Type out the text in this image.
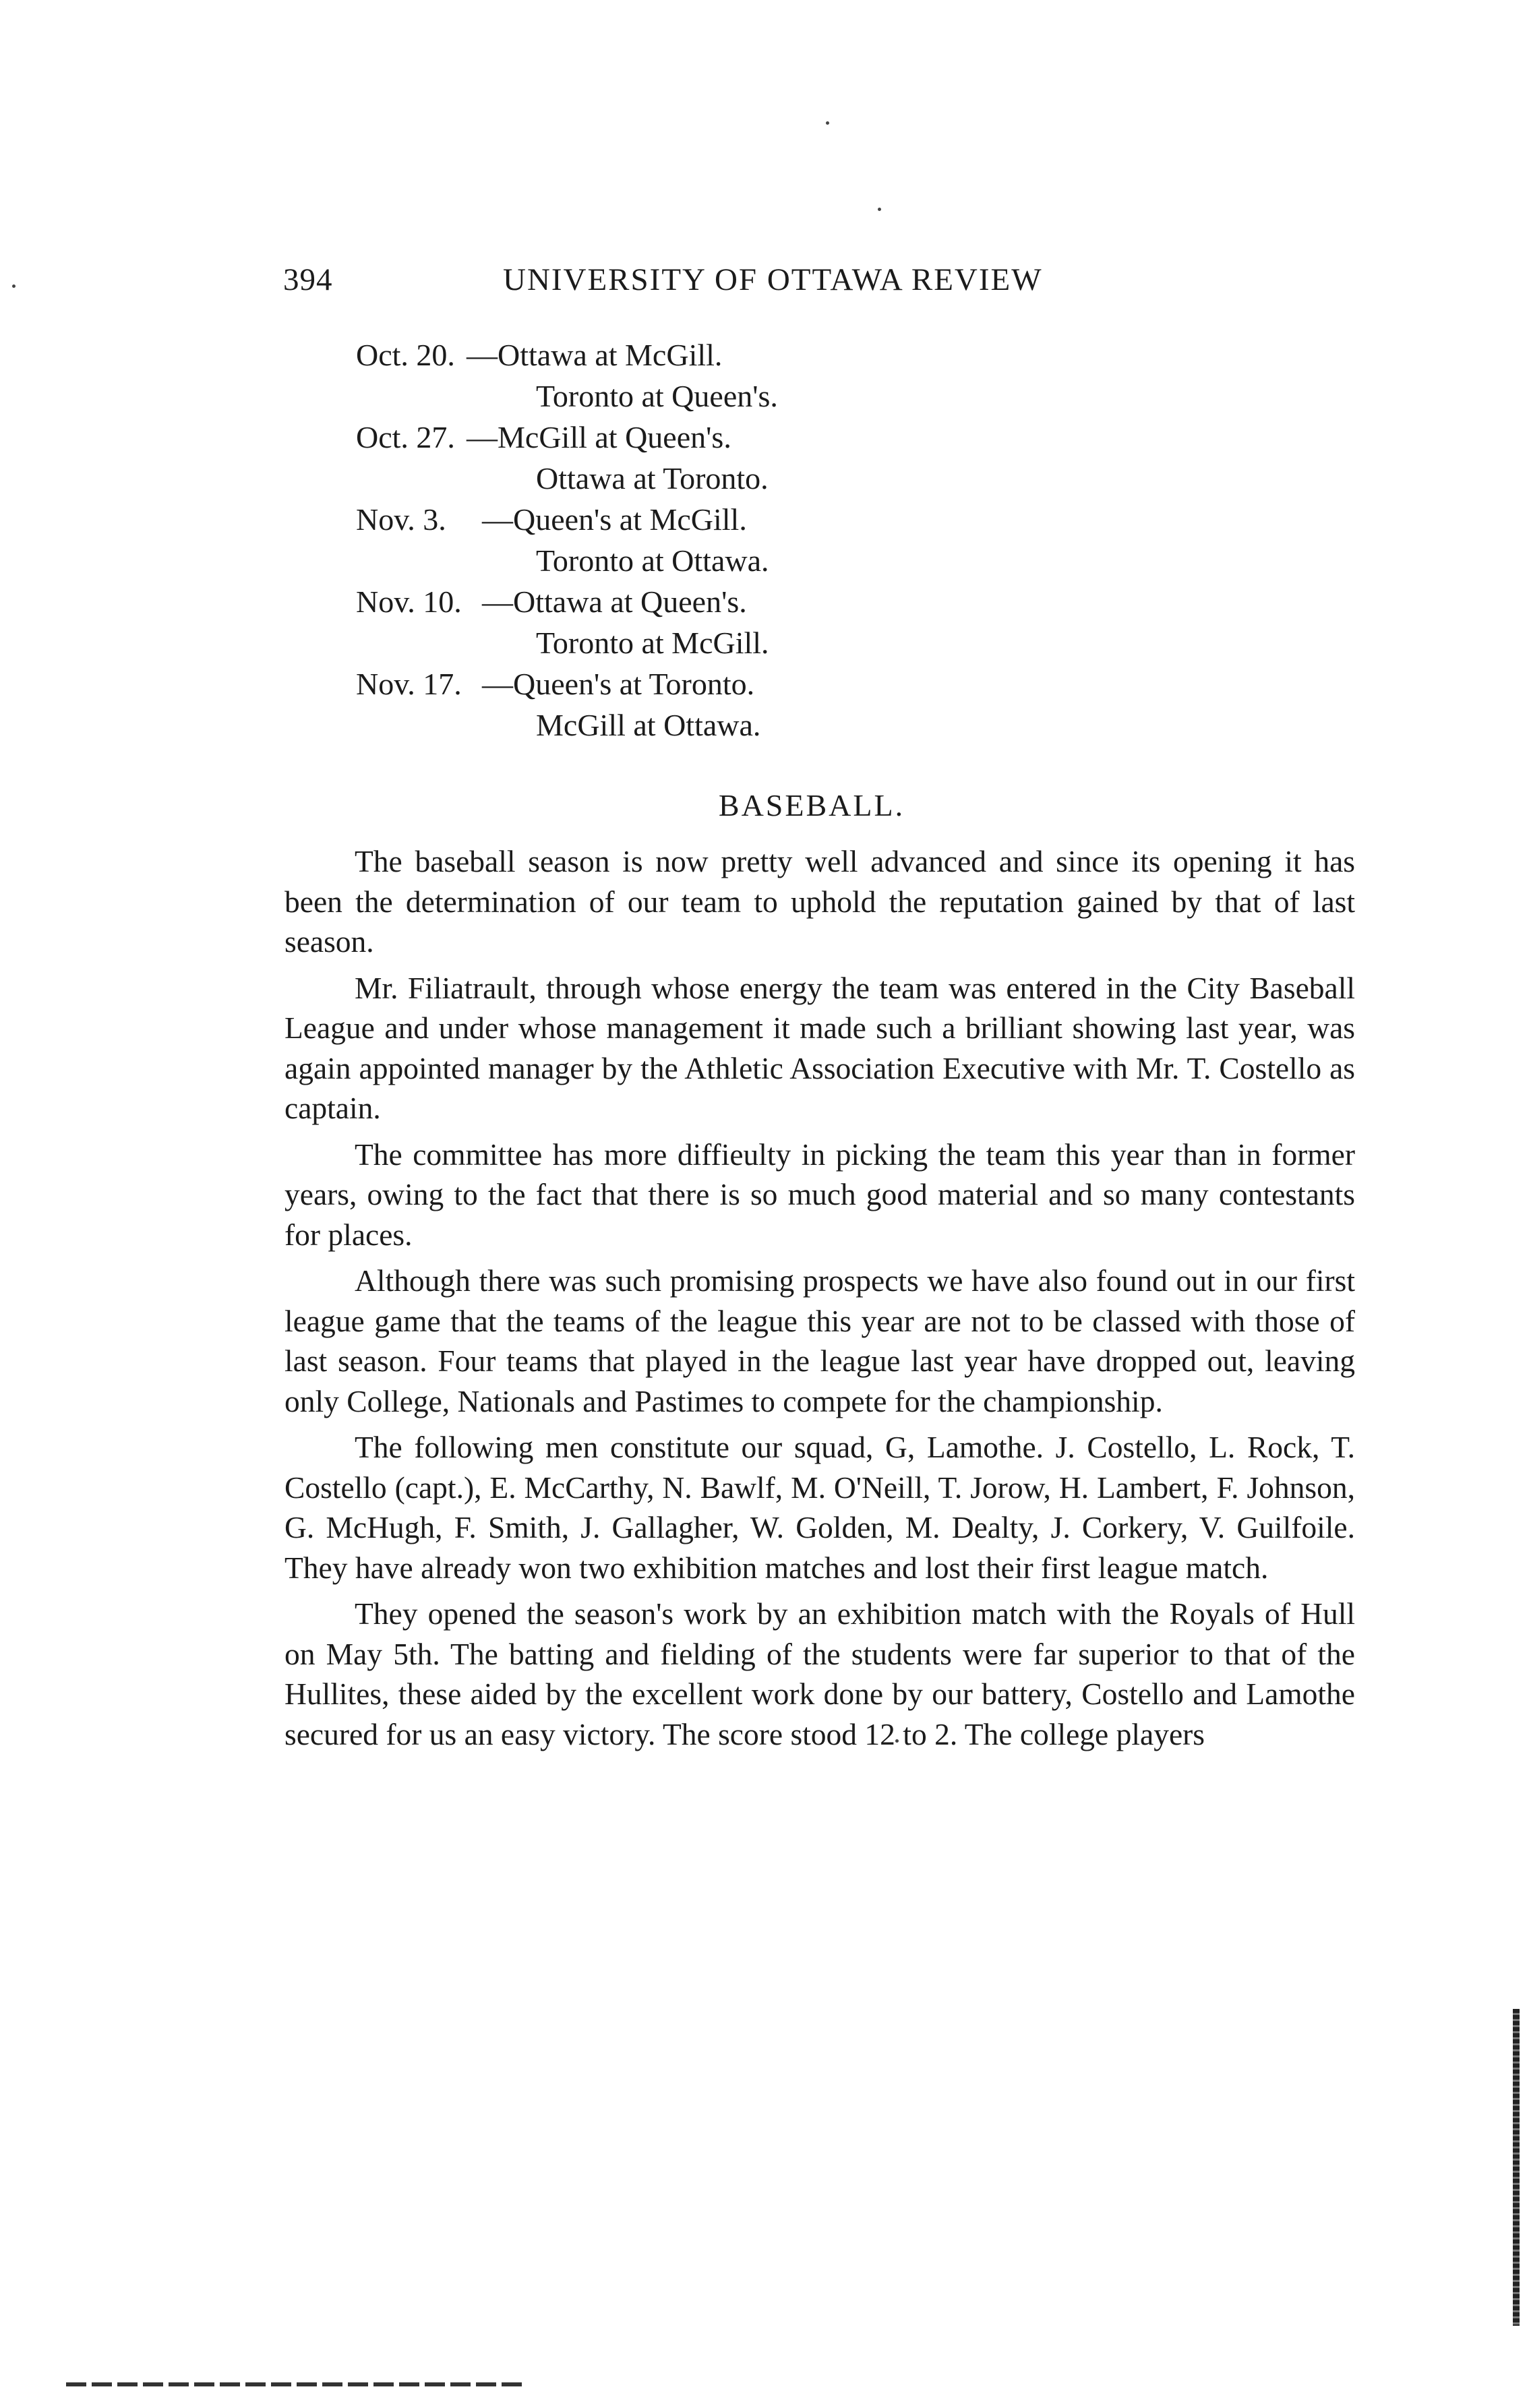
394	UNIVERSITY OF OTTAWA REVIEW
Oct. 20. —Ottawa at McGill.
Toronto at Queen's.
Oct. 27. —McGill at Queen's.
Ottawa at Toronto.
Nov. 3. —Queen's at McGill.
Toronto at Ottawa.
Nov. 10. —Ottawa at Queen's.
Toronto at McGill.
Nov. 17. —Queen's at Toronto.
McGill at Ottawa.
BASEBALL.

The baseball season is now pretty well advanced and since its opening it has been the determination of our team to uphold the reputation gained by that of last season.

Mr. Filiatrault, through whose energy the team was entered in the City Baseball League and under whose management it made such a brilliant showing last year, was again appointed manager by the Athletic Association Executive with Mr. T. Costello as captain.

The committee has more diffieulty in picking the team this year than in former years, owing to the fact that there is so much good material and so many contestants for places.

Although there was such promising prospects we have also found out in our first league game that the teams of the league this year are not to be classed with those of last season. Four teams that played in the league last year have dropped out, leaving only College, Nationals and Pastimes to compete for the championship.

The following men constitute our squad, G, Lamothe. J. Costello, L. Rock, T. Costello (capt.), E. McCarthy, N. Bawlf, M. O'Neill, T. Jorow, H. Lambert, F. Johnson, G. McHugh, F. Smith, J. Gallagher, W. Golden, M. Dealty, J. Corkery, V. Guilfoile. They have already won two exhibition matches and lost their first league match.

They opened the season's work by an exhibition match with the Royals of Hull on May 5th. The batting and fielding of the students were far superior to that of the Hullites, these aided by the excellent work done by our battery, Costello and Lamothe secured for us an easy victory. The score stood 12 to 2. The college players
